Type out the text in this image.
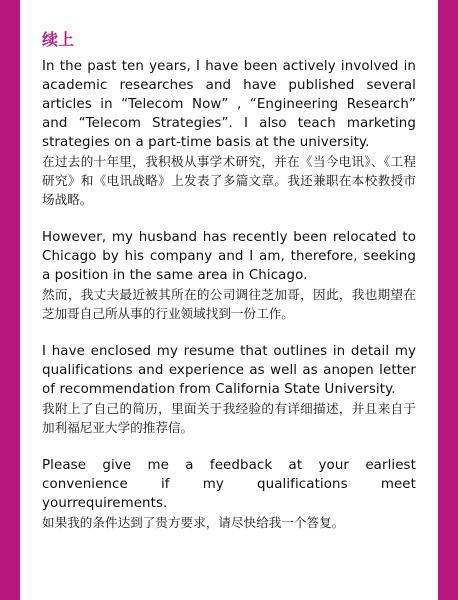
续上

In the past ten years, I have been actively involved in academic researches and have published several articles in “Telecom Now” , “Engineering Research” and “Telecom Strategies”. I also teach marketing strategies on a part-time basis at the university.

在过去的十年里，我积极从事学术研究，并在《当今电讯》、《工程研究》和《电讯战略》上发表了多篇文章。我还兼职在本校教授市场战略。

However, my husband has recently been relocated to Chicago by his company and I am, therefore, seeking a position in the same area in Chicago.

然而，我丈夫最近被其所在的公司调往芝加哥，因此，我也期望在芝加哥自己所从事的行业领域找到一份工作。

I have enclosed my resume that outlines in detail my qualifications and experience as well as anopen letter of recommendation from California State University.

我附上了自己的简历，里面关于我经验的有详细描述，并且来自于加利福尼亚大学的推荐信。

Please give me a feedback at your earliest convenience if my qualifications meet yourrequirements.

如果我的条件达到了贵方要求，请尽快给我一个答复。
